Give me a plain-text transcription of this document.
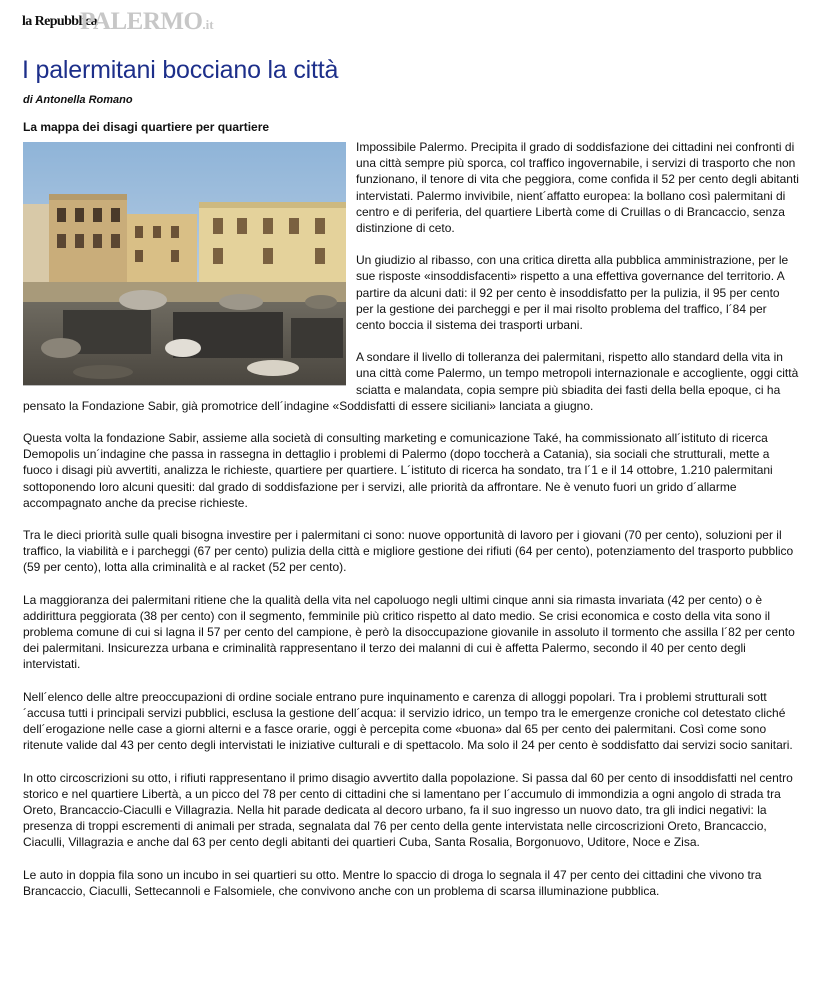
la Repubblica
PALERMO.it
I palermitani bocciano la città
di Antonella Romano
La mappa dei disagi quartiere per quartiere

Impossibile Palermo. Precipita il grado di soddisfazione dei cittadini nei confronti di una città sempre più sporca, col traffico ingovernabile, i servizi di trasporto che non funzionano, il tenore di vita che peggiora, come confida il 52 per cento degli abitanti intervistati. Palermo invivibile, nient´affatto europea: la bollano così palermitani di centro e di periferia, del quartiere Libertà come di Cruillas o di Brancaccio, senza distinzione di ceto.

Un giudizio al ribasso, con una critica diretta alla pubblica amministrazione, per le sue risposte «insoddisfacenti» rispetto a una effettiva governance del territorio. A partire da alcuni dati: il 92 per cento è insoddisfatto per la pulizia, il 95 per cento per la gestione dei parcheggi e per il mai risolto problema del traffico, l´84 per cento boccia il sistema dei trasporti urbani.

A sondare il livello di tolleranza dei palermitani, rispetto allo standard della vita in una città come Palermo, un tempo metropoli internazionale e accogliente, oggi città sciatta e malandata, copia sempre più sbiadita dei fasti della bella epoque, ci ha pensato la Fondazione Sabir, già promotrice dell´indagine «Soddisfatti di essere siciliani» lanciata a giugno.

Questa volta la fondazione Sabir, assieme alla società di consulting marketing e comunicazione Také, ha commissionato all´istituto di ricerca Demopolis un´indagine che passa in rassegna in dettaglio i problemi di Palermo (dopo toccherà a Catania), sia sociali che strutturali, mette a fuoco i disagi più avvertiti, analizza le richieste, quartiere per quartiere. L´istituto di ricerca ha sondato, tra l´1 e il 14 ottobre, 1.210 palermitani sottoponendo loro alcuni quesiti: dal grado di soddisfazione per i servizi, alle priorità da affrontare. Ne è venuto fuori un grido d´allarme accompagnato anche da precise richieste.

Tra le dieci priorità sulle quali bisogna investire per i palermitani ci sono: nuove opportunità di lavoro per i giovani (70 per cento), soluzioni per il traffico, la viabilità e i parcheggi (67 per cento) pulizia della città e migliore gestione dei rifiuti (64 per cento), potenziamento del trasporto pubblico (59 per cento), lotta alla criminalità e al racket (52 per cento).

La maggioranza dei palermitani ritiene che la qualità della vita nel capoluogo negli ultimi cinque anni sia rimasta invariata (42 per cento) o è addirittura peggiorata (38 per cento) con il segmento, femminile più critico rispetto al dato medio. Se crisi economica e costo della vita sono il problema comune di cui si lagna il 57 per cento del campione, è però la disoccupazione giovanile in assoluto il tormento che assilla l´82 per cento dei palermitani. Insicurezza urbana e criminalità rappresentano il terzo dei malanni di cui è affetta Palermo, secondo il 40 per cento degli intervistati.

Nell´elenco delle altre preoccupazioni di ordine sociale entrano pure inquinamento e carenza di alloggi popolari. Tra i problemi strutturali sott´accusa tutti i principali servizi pubblici, esclusa la gestione dell´acqua: il servizio idrico, un tempo tra le emergenze croniche col detestato cliché dell´erogazione nelle case a giorni alterni e a fasce orarie, oggi è percepita come «buona» dal 65 per cento dei palermitani. Così come sono ritenute valide dal 43 per cento degli intervistati le iniziative culturali e di spettacolo. Ma solo il 24 per cento è soddisfatto dai servizi socio sanitari.

In otto circoscrizioni su otto, i rifiuti rappresentano il primo disagio avvertito dalla popolazione. Si passa dal 60 per cento di insoddisfatti nel centro storico e nel quartiere Libertà, a un picco del 78 per cento di cittadini che si lamentano per l´accumulo di immondizia a ogni angolo di strada tra Oreto, Brancaccio-Ciaculli e Villagrazia. Nella hit parade dedicata al decoro urbano, fa il suo ingresso un nuovo dato, tra gli indici negativi: la presenza di troppi escrementi di animali per strada, segnalata dal 76 per cento della gente intervistata nelle circoscrizioni Oreto, Brancaccio, Ciaculli, Villagrazia e anche dal 63 per cento degli abitanti dei quartieri Cuba, Santa Rosalia, Borgonuovo, Uditore, Noce e Zisa.

Le auto in doppia fila sono un incubo in sei quartieri su otto. Mentre lo spaccio di droga lo segnala il 47 per cento dei cittadini che vivono tra Brancaccio, Ciaculli, Settecannoli e Falsomiele, che convivono anche con un problema di scarsa illuminazione pubblica.
